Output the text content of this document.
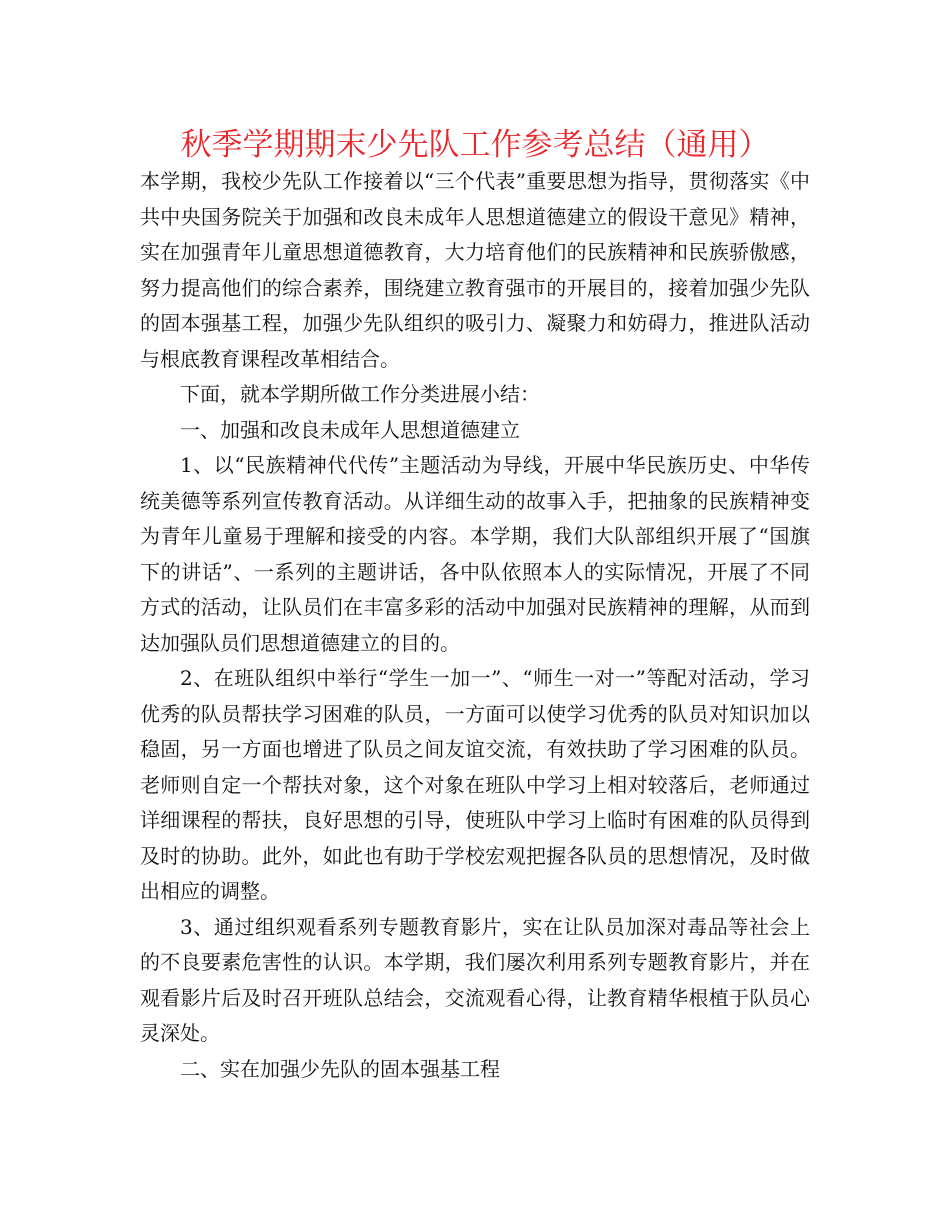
秋季学期期末少先队工作参考总结（通用）

本学期，我校少先队工作接着以“三个代表”重要思想为指导，贯彻落实《中共中央国务院关于加强和改良未成年人思想道德建立的假设干意见》精神，实在加强青年儿童思想道德教育，大力培育他们的民族精神和民族骄傲感，努力提高他们的综合素养，围绕建立教育强市的开展目的，接着加强少先队的固本强基工程，加强少先队组织的吸引力、凝聚力和妨碍力，推进队活动与根底教育课程改革相结合。

下面，就本学期所做工作分类进展小结：

一、加强和改良未成年人思想道德建立

1、以“民族精神代代传”主题活动为导线，开展中华民族历史、中华传统美德等系列宣传教育活动。从详细生动的故事入手，把抽象的民族精神变为青年儿童易于理解和接受的内容。本学期，我们大队部组织开展了“国旗下的讲话”、一系列的主题讲话，各中队依照本人的实际情况，开展了不同方式的活动，让队员们在丰富多彩的活动中加强对民族精神的理解，从而到达加强队员们思想道德建立的目的。

2、在班队组织中举行“学生一加一”、“师生一对一”等配对活动，学习优秀的队员帮扶学习困难的队员，一方面可以使学习优秀的队员对知识加以稳固，另一方面也增进了队员之间友谊交流，有效扶助了学习困难的队员。老师则自定一个帮扶对象，这个对象在班队中学习上相对较落后，老师通过详细课程的帮扶，良好思想的引导，使班队中学习上临时有困难的队员得到及时的协助。此外，如此也有助于学校宏观把握各队员的思想情况，及时做出相应的调整。

3、通过组织观看系列专题教育影片，实在让队员加深对毒品等社会上的不良要素危害性的认识。本学期，我们屡次利用系列专题教育影片，并在观看影片后及时召开班队总结会，交流观看心得，让教育精华根植于队员心灵深处。

二、实在加强少先队的固本强基工程
